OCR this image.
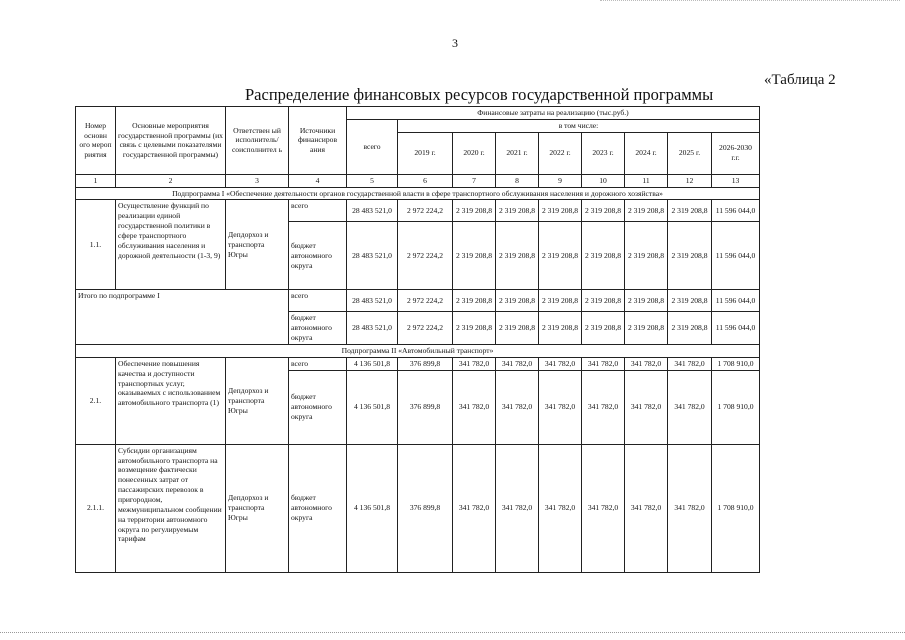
3
«Таблица 2
Распределение финансовых ресурсов государственной программы
Номер основн ого мероп риятия	Основные мероприятия государственной программы (их связь с целевыми показателями государственной программы)	Ответствен ый исполнитель/ соисполнител ь	Источники финансиров ания	Финансовые затраты на реализацию (тыс.руб.)								
				всего	в том числе:							
					2019 г.	2020 г.	2021 г.	2022 г.	2023 г.	2024 г.	2025 г.	2026-2030 г.г.
1	2	3	4	5	6	7	8	9	10	11	12	13
Подпрограмма I «Обеспечение деятельности органов государственной власти в сфере транспортного обслуживания населения и дорожного хозяйства»												
1.1.	Осуществление функций по реализации единой государственной политики в сфере транспортного обслуживания населения и дорожной деятельности (1-3, 9)	Депдорхоз и транспорта Югры	всего	28 483 521,0	2 972 224,2	2 319 208,8	2 319 208,8	2 319 208,8	2 319 208,8	2 319 208,8	2 319 208,8	11 596 044,0
			бюджет автономного округа	28 483 521,0	2 972 224,2	2 319 208,8	2 319 208,8	2 319 208,8	2 319 208,8	2 319 208,8	2 319 208,8	11 596 044,0
Итого по подпрограмме I			всего	28 483 521,0	2 972 224,2	2 319 208,8	2 319 208,8	2 319 208,8	2 319 208,8	2 319 208,8	2 319 208,8	11 596 044,0
			бюджет автономного округа	28 483 521,0	2 972 224,2	2 319 208,8	2 319 208,8	2 319 208,8	2 319 208,8	2 319 208,8	2 319 208,8	11 596 044,0
Подпрограмма II «Автомобильный транспорт»												
2.1.	Обеспечение повышения качества и доступности транспортных услуг, оказываемых с использованием автомобильного транспорта (1)	Депдорхоз и транспорта Югры	всего	4 136 501,8	376 899,8	341 782,0	341 782,0	341 782,0	341 782,0	341 782,0	341 782,0	1 708 910,0
			бюджет автономного округа	4 136 501,8	376 899,8	341 782,0	341 782,0	341 782,0	341 782,0	341 782,0	341 782,0	1 708 910,0
2.1.1.	Субсидии организациям автомобильного транспорта на возмещение фактически понесенных затрат от пассажирских перевозок в пригородном, межмуниципальном сообщении на территории автономного округа по регулируемым тарифам	Депдорхоз и транспорта Югры	бюджет автономного округа	4 136 501,8	376 899,8	341 782,0	341 782,0	341 782,0	341 782,0	341 782,0	341 782,0	1 708 910,0
